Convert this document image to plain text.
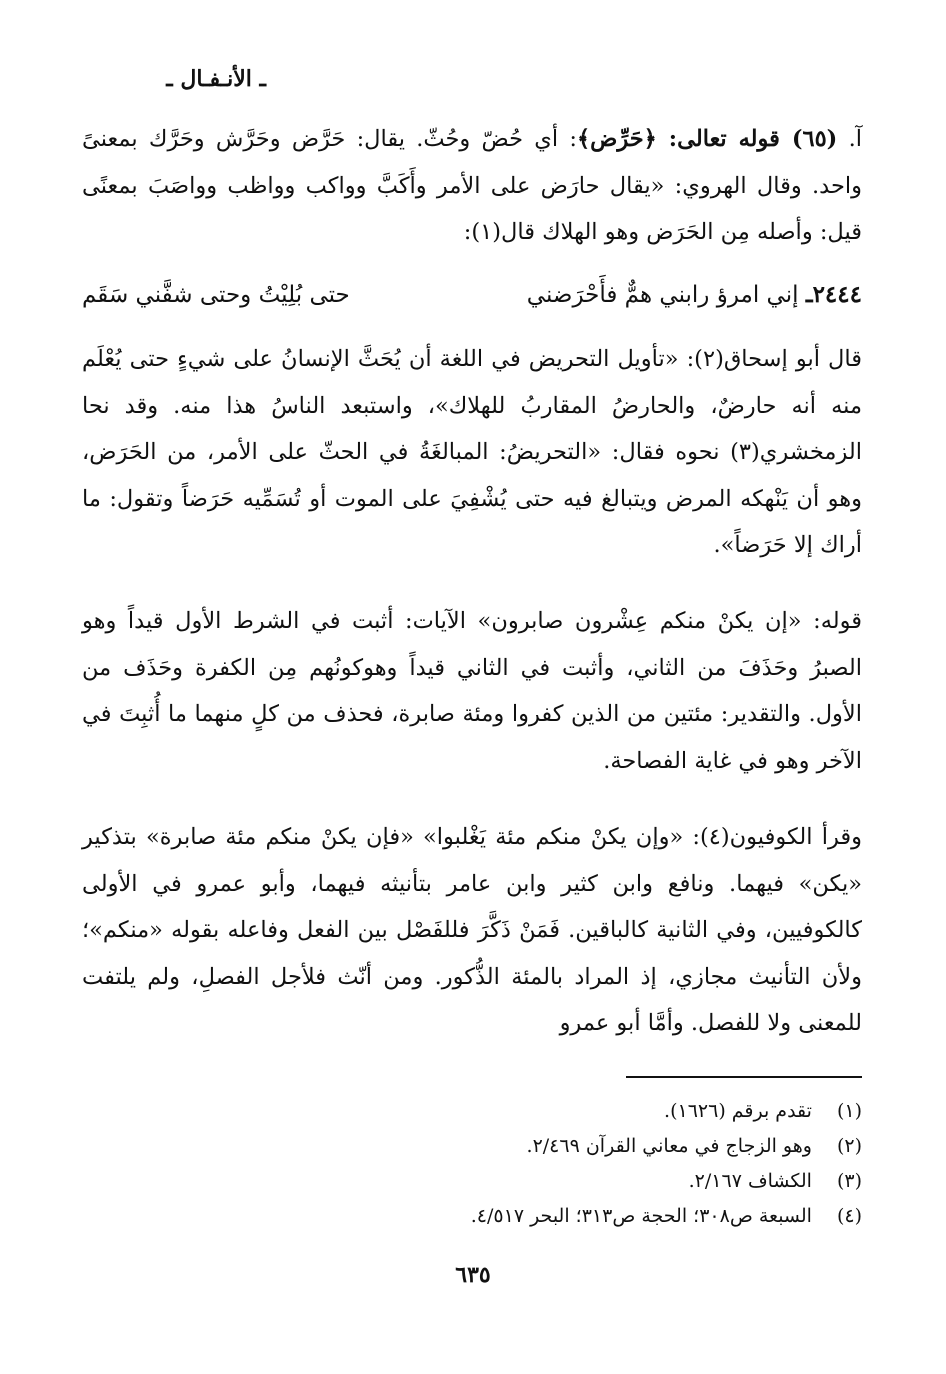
ـ الأنـفـال ـ

آ. (٦٥) قوله تعالى: ﴿حَرِّض﴾: أي حُضّ وحُثّ. يقال: حَرَّض وحَرَّش وحَرَّك بمعنىً واحد. وقال الهروي: «يقال حارَض على الأمر وأَكَبَّ وواكب وواظب وواصَبَ بمعنًى قيل: وأصله مِن الحَرَض وهو الهلاك قال(١):

٢٤٤٤ـ إني امرؤ رابني همٌّ فأَحْرَضني
حتى بُلِيْتُ وحتى شفَّني سَقَم

قال أبو إسحاق(٢): «تأويل التحريض في اللغة أن يُحَثَّ الإنسانُ على شيءٍ حتى يُعْلَم منه أنه حارضٌ، والحارضُ المقاربُ للهلاك»، واستبعد الناسُ هذا منه. وقد نحا الزمخشري(٣) نحوه فقال: «التحريضُ: المبالغَةُ في الحثّ على الأمر، من الحَرَض، وهو أن يَنْهكه المرض ويتبالغ فيه حتى يُشْفِيَ على الموت أو تُسَمِّيه حَرَضاً وتقول: ما أراك إلا حَرَضاً».

قوله: «إن يكنْ منكم عِشْرون صابرون» الآيات: أثبت في الشرط الأول قيداً وهو الصبرُ وحَذَفَ من الثاني، وأثبت في الثاني قيداً وهوكونُهم مِن الكفرة وحَذَف من الأول. والتقدير: مئتين من الذين كفروا ومئة صابرة، فحذف من كلٍ منهما ما أُثبِتَ في الآخر وهو في غاية الفصاحة.

وقرأ الكوفيون(٤): «وإن يكنْ منكم مئة يَغْلبوا» «فإن يكنْ منكم مئة صابرة» بتذكير «يكن» فيهما. ونافع وابن كثير وابن عامر بتأنيثه فيهما، وأبو عمرو في الأولى كالكوفيين، وفي الثانية كالباقين. فَمَنْ ذَكَّرَ فللفَصْل بين الفعل وفاعله بقوله «منكم»؛ ولأن التأنيث مجازي، إذ المراد بالمئة الذُّكور. ومن أنّث فلأجل الفصلِ، ولم يلتفت للمعنى ولا للفصل. وأمَّا أبو عمرو

(١) تقدم برقم (١٦٢٦).
(٢) وهو الزجاج في معاني القرآن ٢/٤٦٩.
(٣) الكشاف ٢/١٦٧.
(٤) السبعة ص٣٠٨؛ الحجة ص٣١٣؛ البحر ٤/٥١٧.
٦٣٥
